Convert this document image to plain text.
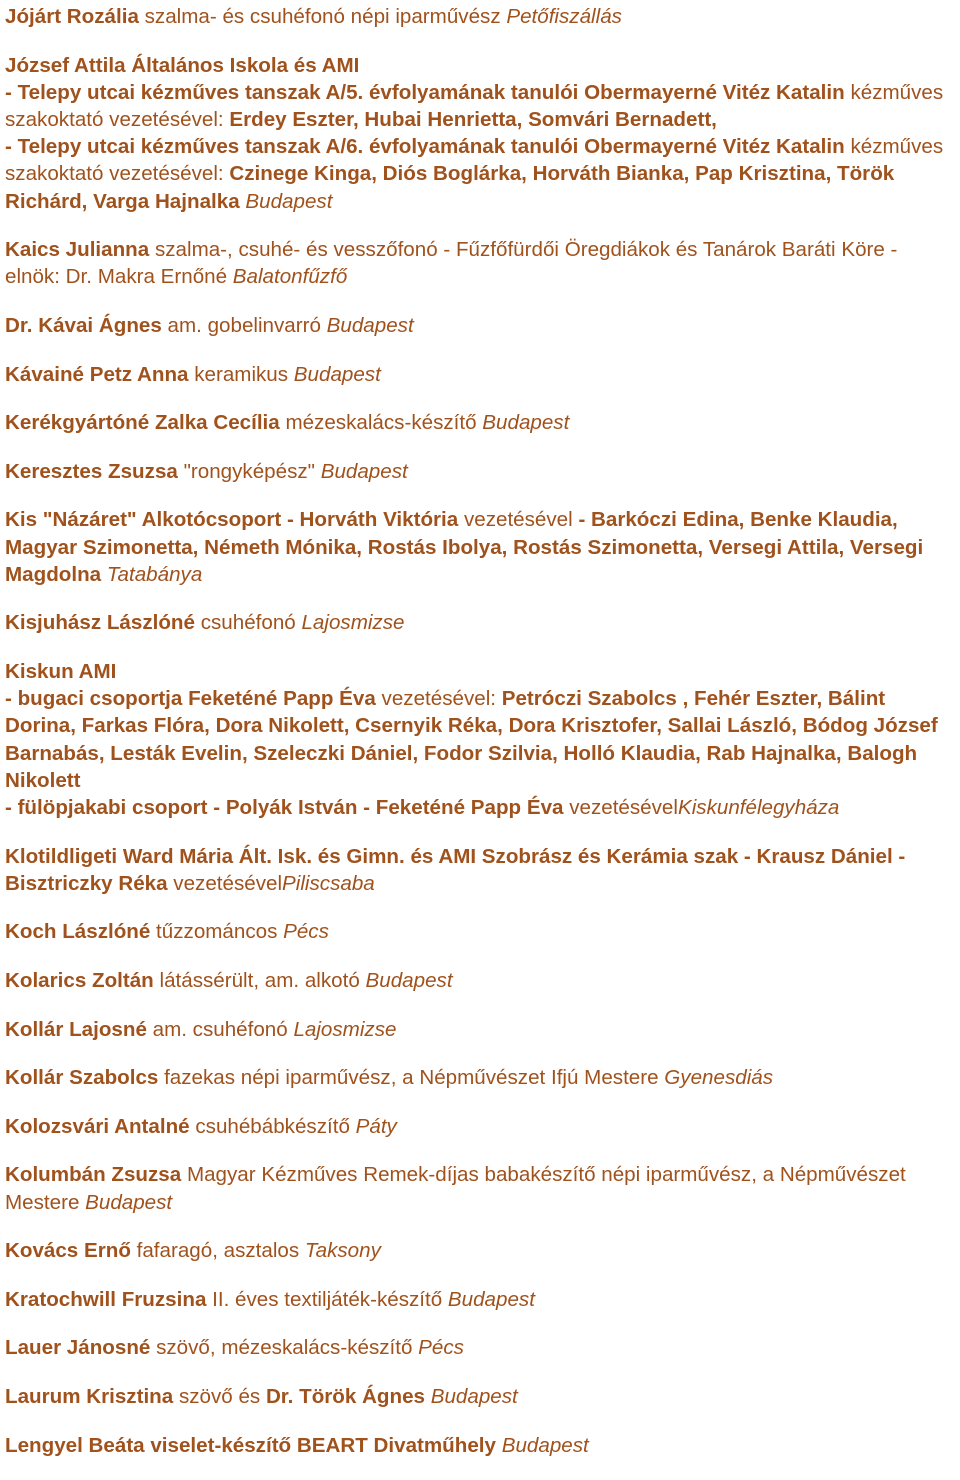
Jójárt Rozália szalma- és csuhéfonó népi iparművész Petőfiszállás
József Attila Általános Iskola és AMI
- Telepy utcai kézműves tanszak A/5. évfolyamának tanulói Obermayerné Vitéz Katalin kézműves szakoktató vezetésével: Erdey Eszter, Hubai Henrietta, Somvári Bernadett,
- Telepy utcai kézműves tanszak A/6. évfolyamának tanulói Obermayerné Vitéz Katalin kézműves szakoktató vezetésével: Czinege Kinga, Diós Boglárka, Horváth Bianka, Pap Krisztina, Török Richárd, Varga Hajnalka Budapest
Kaics Julianna szalma-, csuhé- és vesszőfonó - Fűzfőfürdői Öregdiákok és Tanárok Baráti Köre - elnök: Dr. Makra Ernőné Balatonfűzfő
Dr. Kávai Ágnes am. gobelinvarró Budapest
Kávainé Petz Anna keramikus Budapest
Kerékgyártóné Zalka Cecília mézeskalács-készítő Budapest
Keresztes Zsuzsa "rongyképész" Budapest
Kis "Názáret" Alkotócsoport - Horváth Viktória vezetésével - Barkóczi Edina, Benke Klaudia, Magyar Szimonetta, Németh Mónika, Rostás Ibolya, Rostás Szimonetta, Versegi Attila, Versegi Magdolna Tatabánya
Kisjuhász Lászlóné csuhéfonó Lajosmizse
Kiskun AMI
- bugaci csoportja Feketéné Papp Éva vezetésével: Petróczi Szabolcs , Fehér Eszter, Bálint Dorina, Farkas Flóra, Dora Nikolett, Csernyik Réka, Dora Krisztofer, Sallai László, Bódog József Barnabás, Lesták Evelin, Szeleczki Dániel, Fodor Szilvia, Holló Klaudia, Rab Hajnalka, Balogh Nikolett
- fülöpjakabi csoport - Polyák István - Feketéné Papp Éva vezetésévelKiskunfélegyháza
Klotildligeti Ward Mária Ált. Isk. és Gimn. és AMI Szobrász és Kerámia szak - Krausz Dániel - Bisztriczky Réka vezetésévelPiliscsaba
Koch Lászlóné tűzzománcos Pécs
Kolarics Zoltán látássérült, am. alkotó Budapest
Kollár Lajosné am. csuhéfonó Lajosmizse
Kollár Szabolcs fazekas népi iparművész, a Népművészet Ifjú Mestere Gyenesdiás
Kolozsvári Antalné csuhébábkészítő Páty
Kolumbán Zsuzsa Magyar Kézműves Remek-díjas babakészítő népi iparművész, a Népművészet Mestere Budapest
Kovács Ernő fafaragó, asztalos Taksony
Kratochwill Fruzsina II. éves textiljáték-készítő Budapest
Lauer Jánosné szövő, mézeskalács-készítő Pécs
Laurum Krisztina szövő és Dr. Török Ágnes Budapest
Lengyel Beáta viselet-készítő BEART Divatműhely Budapest
